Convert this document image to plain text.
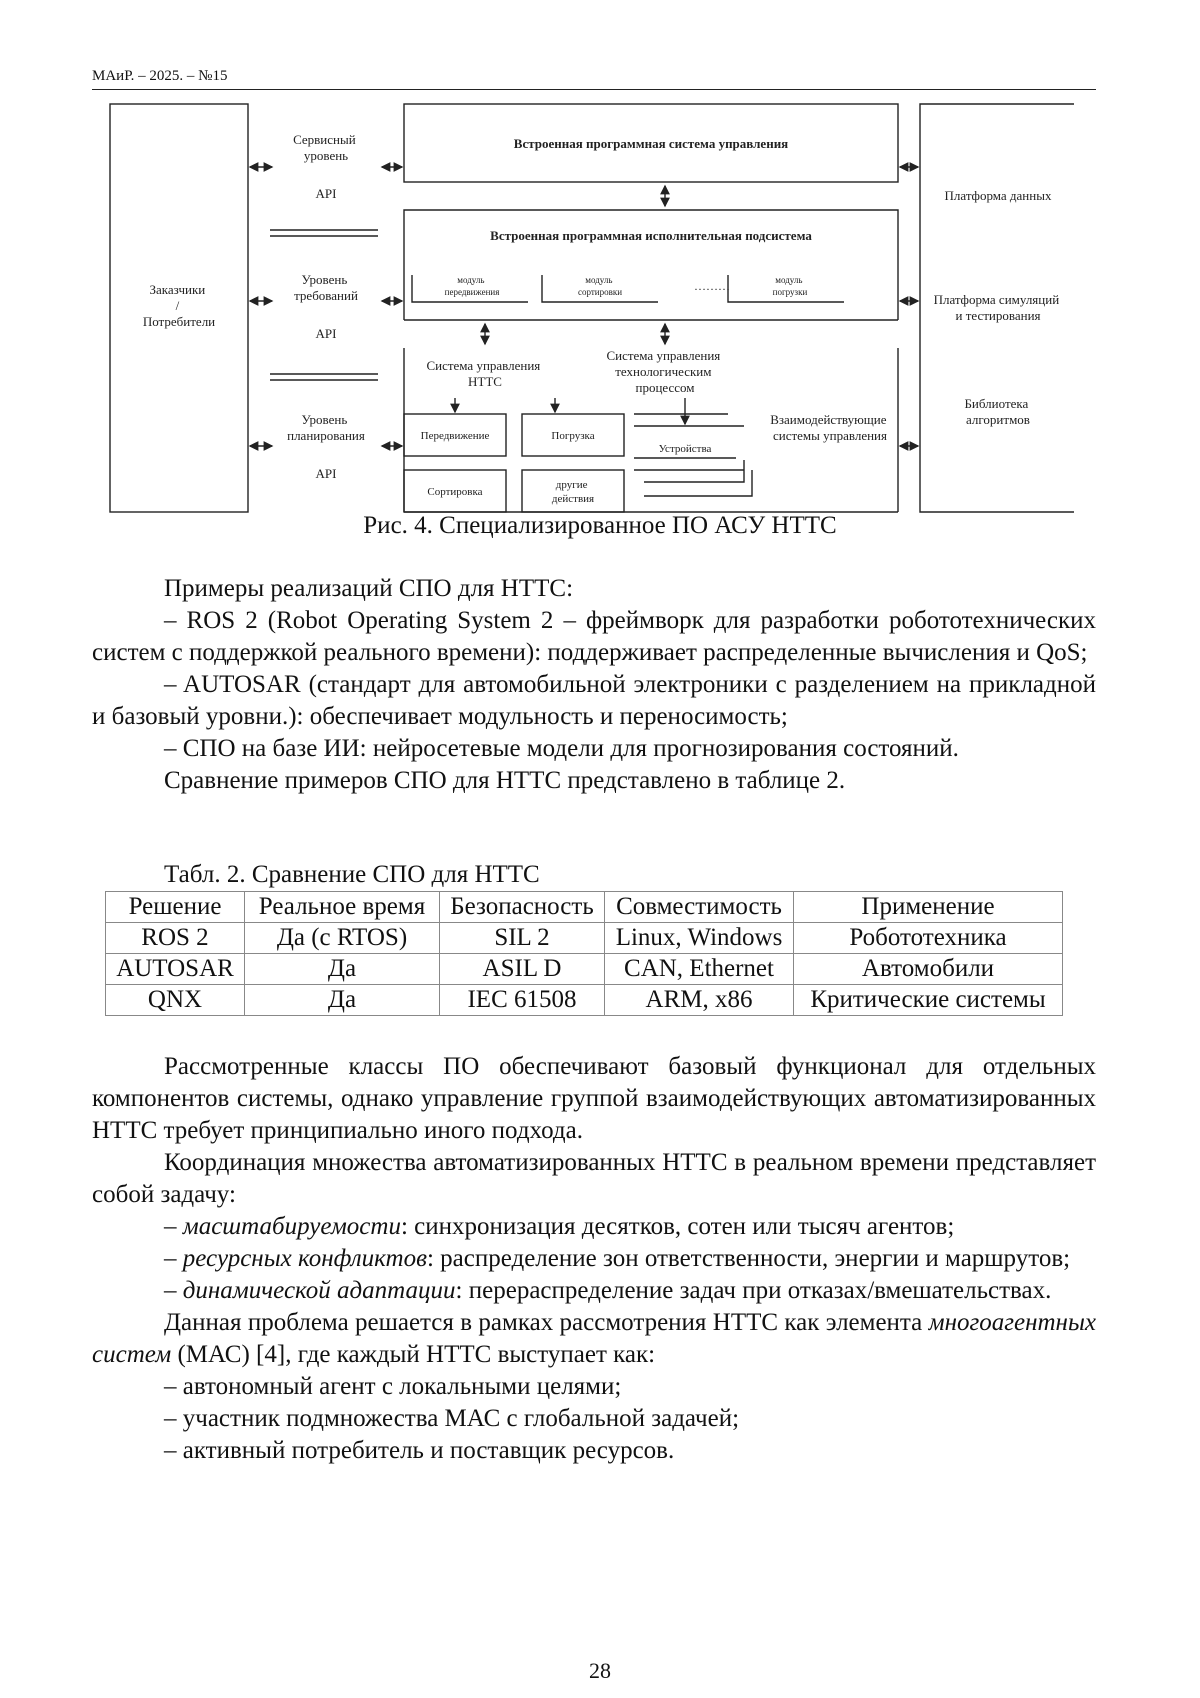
МАиР. – 2025. – №15
Заказчики / Потребители
Сервисный уровень
API
Уровень требований
API
Уровень планирования
API
Встроенная программная система управления
Встроенная программная исполнительная подсистема
модуль передвижения
модуль сортировки	………	модуль погрузки
Система управления НТТС
Система управления технологическим процессом
Передвижение	Погрузка
Устройства
Сортировка
другие действия
Взаимодействующие системы управления
Платформа данных
Платформа симуляций и тестирования
Библиотека алгоритмов
Рис. 4. Специализированное ПО АСУ НТТС

Примеры реализаций СПО для НТТС:

– ROS 2 (Robot Operating System 2 – фреймворк для разработки робототехнических систем с поддержкой реального времени): поддерживает распределенные вычисления и QoS;

– AUTOSAR (стандарт для автомобильной электроники с разделением на прикладной и базовый уровни.): обеспечивает модульность и переносимость;

– СПО на базе ИИ: нейросетевые модели для прогнозирования состояний.

Сравнение примеров СПО для НТТС представлено в таблице 2.

Табл. 2. Сравнение СПО для НТТС
Решение	Реальное время	Безопасность	Совместимость	Применение
ROS 2	Да (с RTOS)	SIL 2	Linux, Windows	Робототехника
AUTOSAR	Да	ASIL D	CAN, Ethernet	Автомобили
QNX	Да	IEC 61508	ARM, x86	Критические системы

Рассмотренные классы ПО обеспечивают базовый функционал для отдельных компонентов системы, однако управление группой взаимодействующих автоматизированных НТТС требует принципиально иного подхода.

Координация множества автоматизированных НТТС в реальном времени представляет собой задачу:

– масштабируемости: синхронизация десятков, сотен или тысяч агентов;

– ресурсных конфликтов: распределение зон ответственности, энергии и маршрутов;

– динамической адаптации: перераспределение задач при отказах/вмешательствах.

Данная проблема решается в рамках рассмотрения НТТС как элемента многоагентных систем (МАС) [4], где каждый НТТС выступает как:

– автономный агент с локальными целями;

– участник подмножества МАС с глобальной задачей;

– активный потребитель и поставщик ресурсов.

28
